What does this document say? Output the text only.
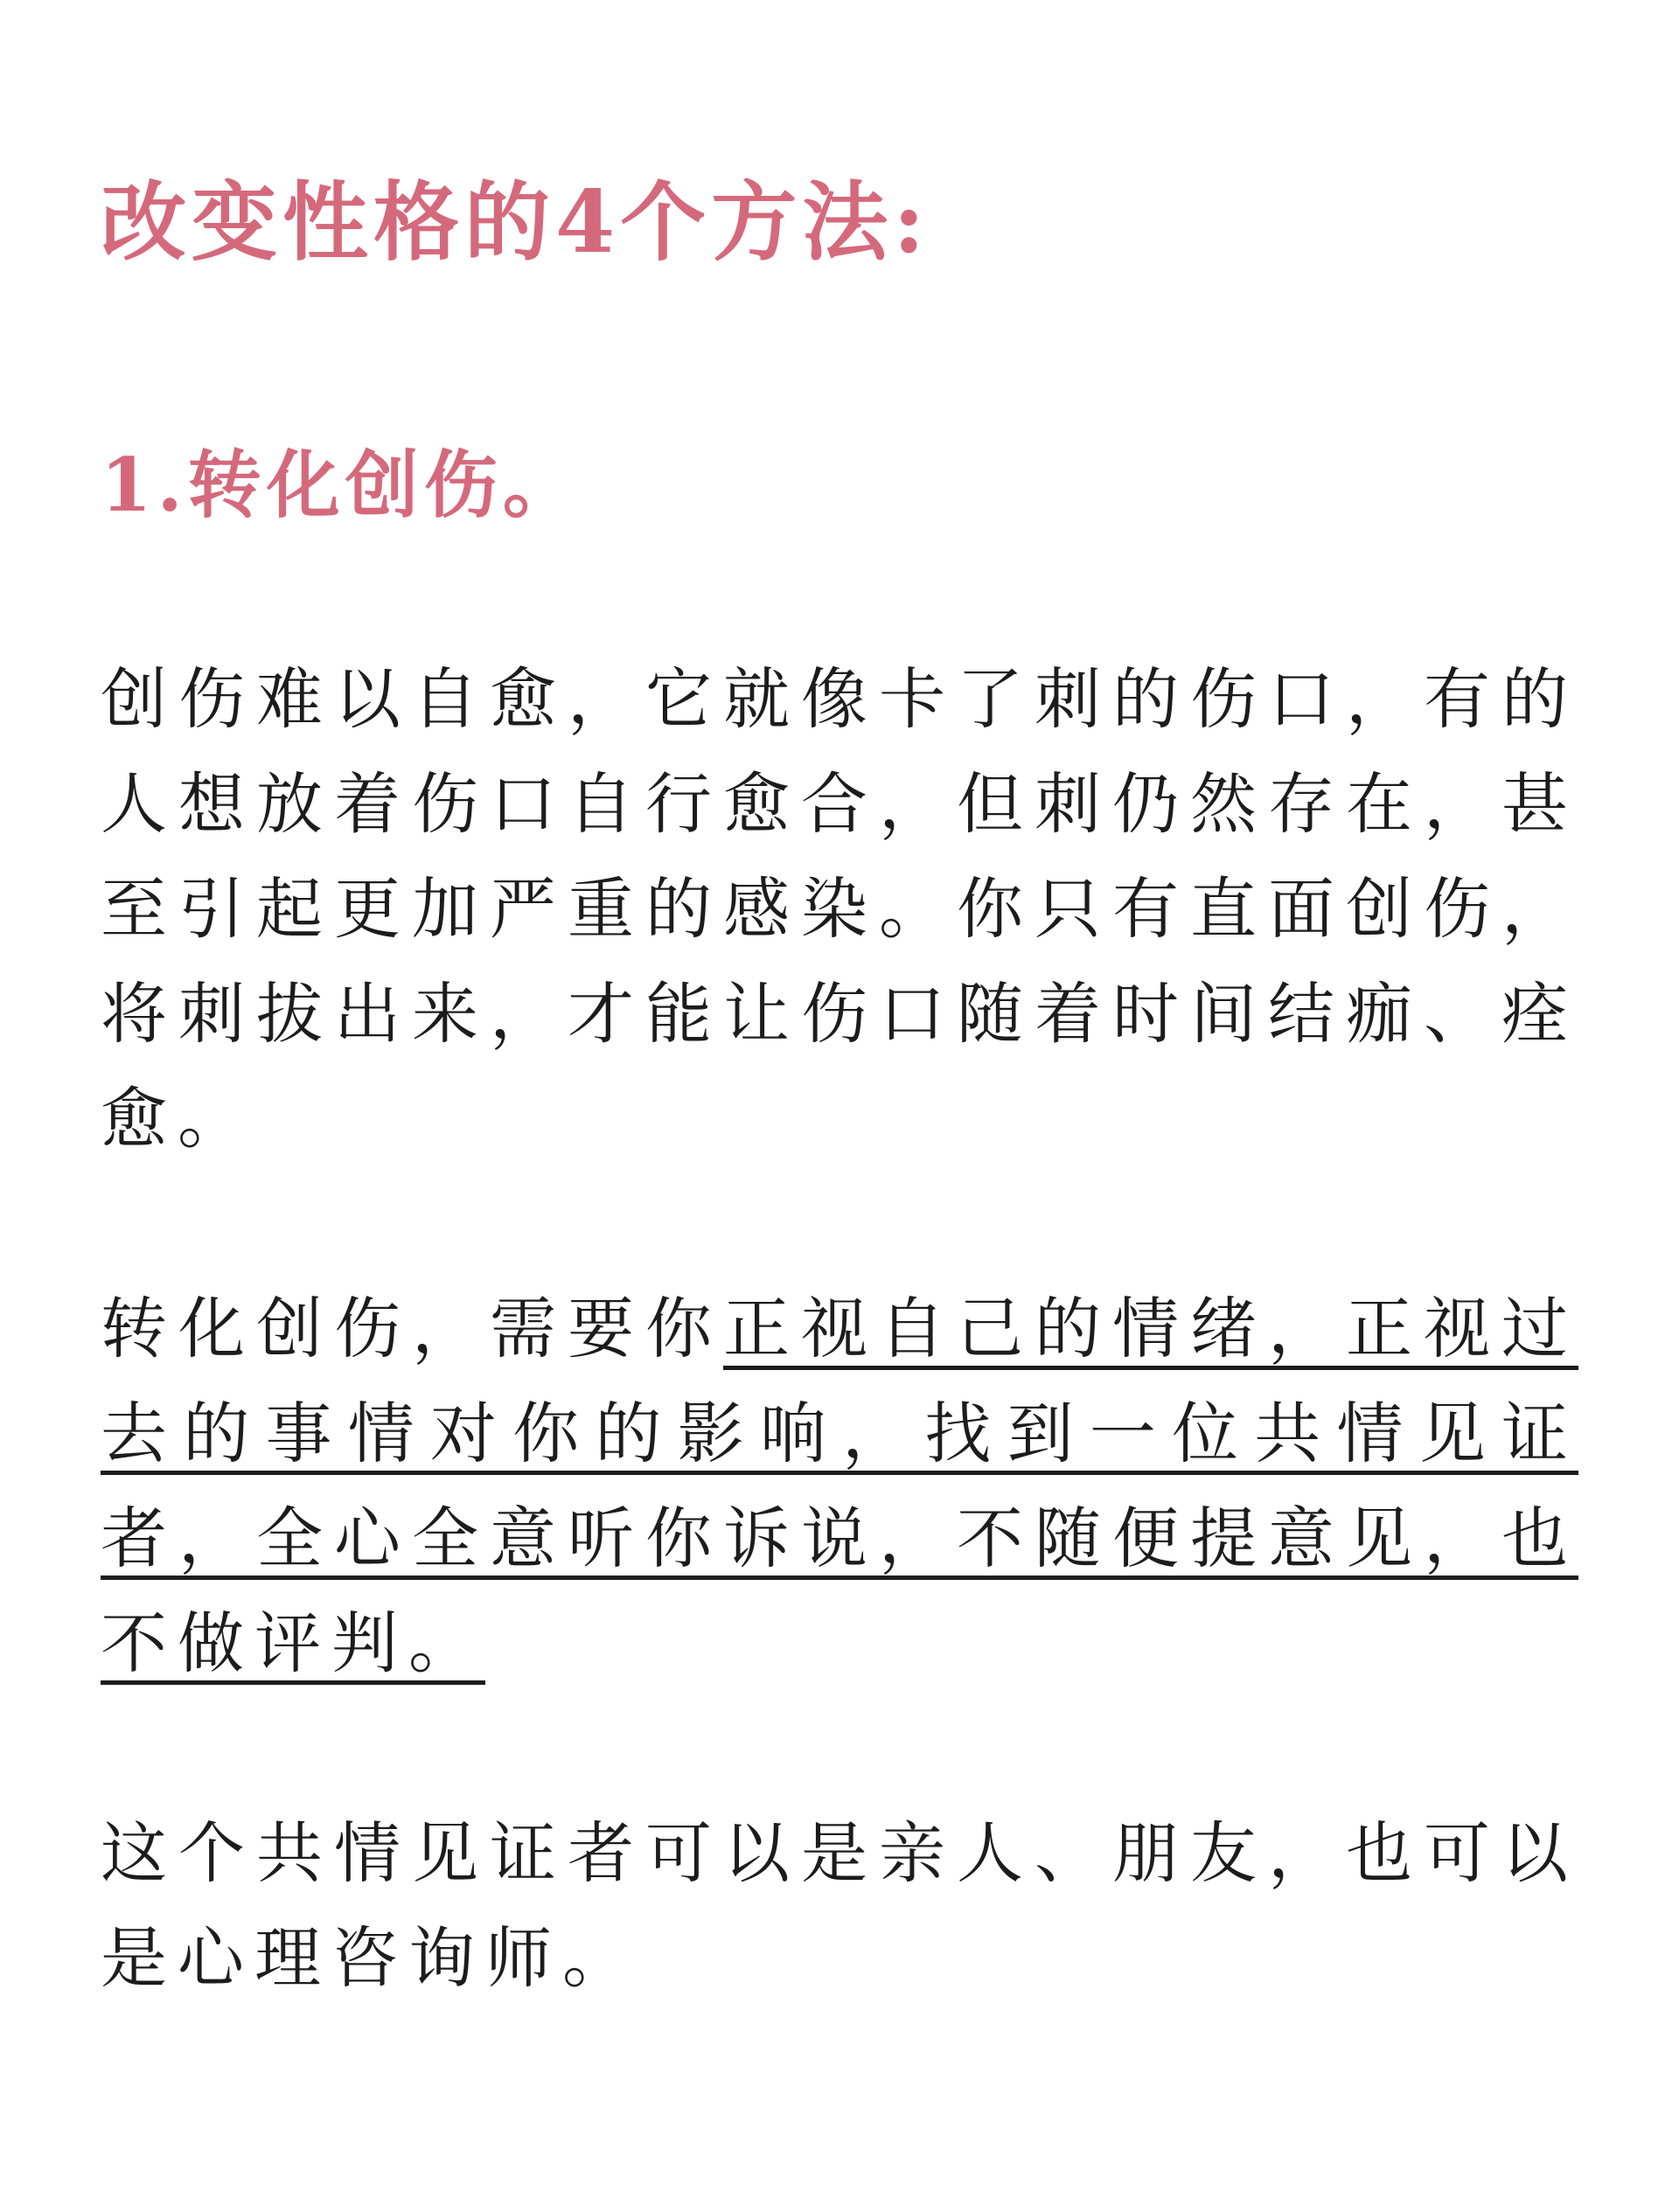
改变性格的4个方法:
1.转化创伤。
创伤难以自愈，它就像卡了刺的伤口，有的人想放着伤口自行愈合，但刺仍然存在，甚至引起更加严重的感染。你只有直面创伤，将刺拔出来，才能让伤口随着时间结痂、痊愈。
转化创伤，需要你正视自己的情绪，正视过去的事情对你的影响，找到一位共情见证者，全心全意听你诉说，不随便提意见，也不做评判。
这个共情见证者可以是亲人、朋友，也可以是心理咨询师。
